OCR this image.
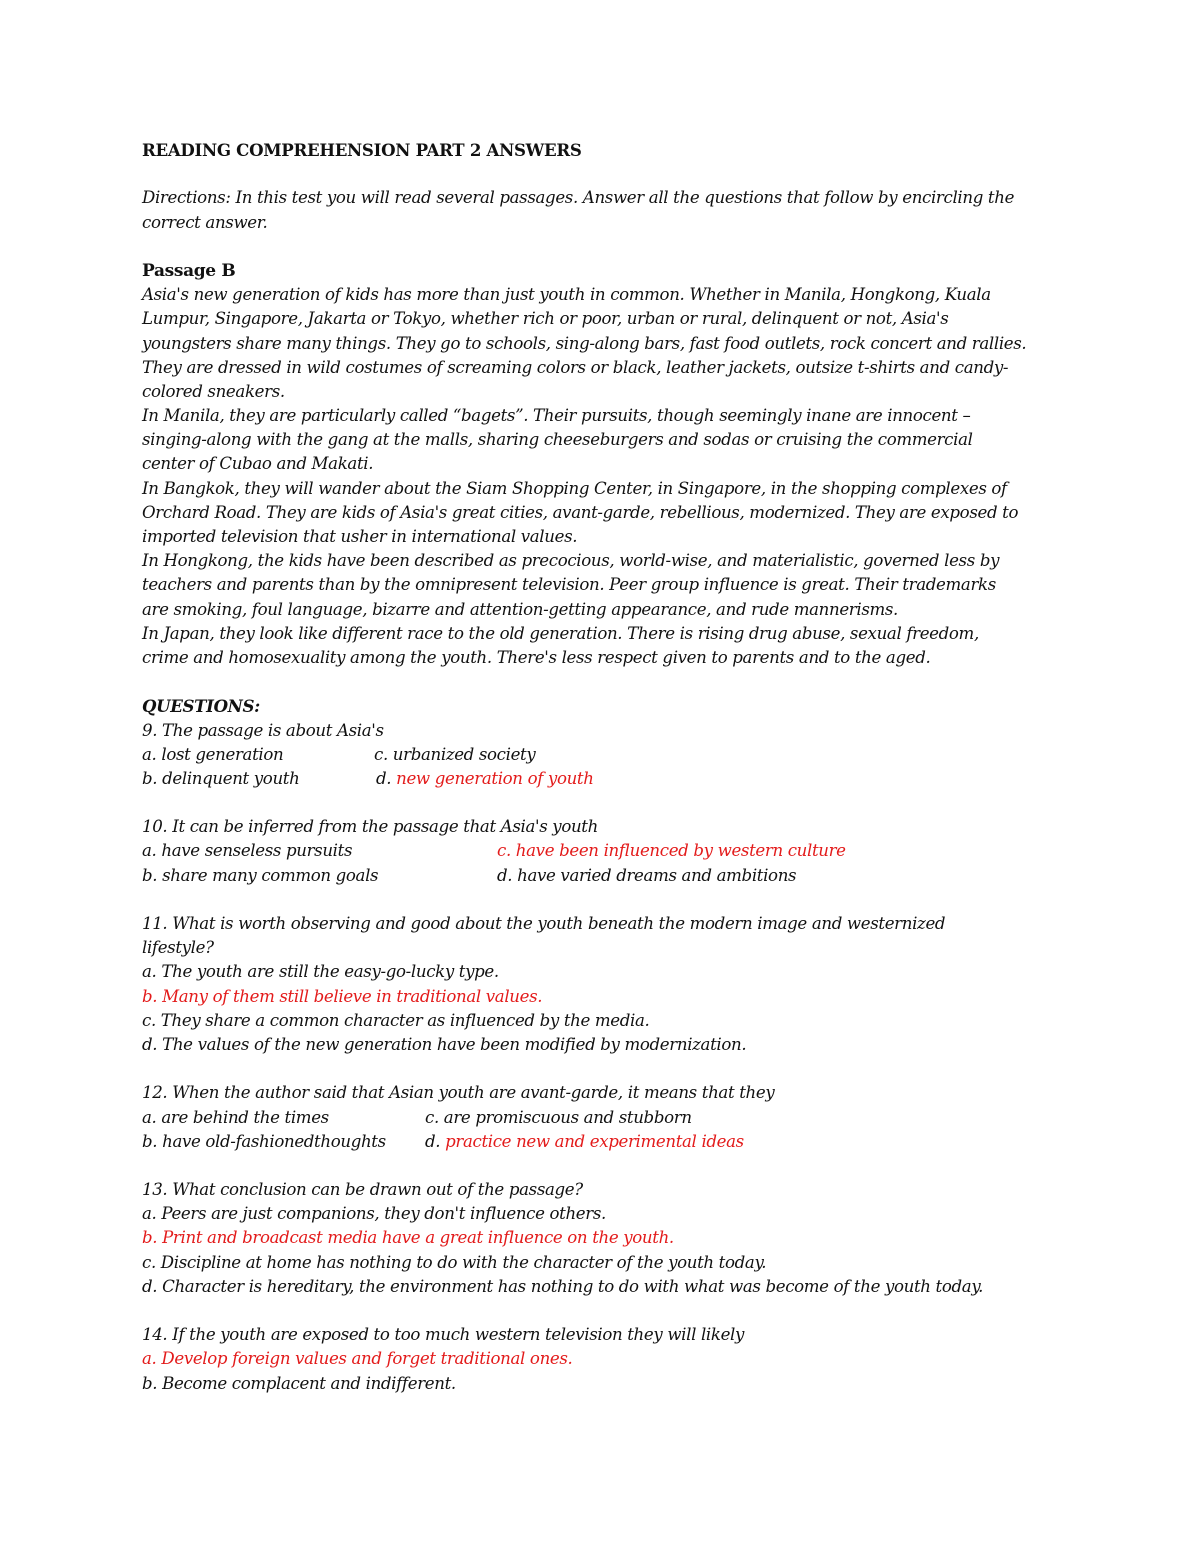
READING COMPREHENSION PART 2 ANSWERS
Directions: In this test you will read several passages. Answer all the questions that follow by encircling the
correct answer.
Passage B
Asia's new generation of kids has more than just youth in common. Whether in Manila, Hongkong, Kuala
Lumpur, Singapore, Jakarta or Tokyo, whether rich or poor, urban or rural, delinquent or not, Asia's
youngsters share many things. They go to schools, sing-along bars, fast food outlets, rock concert and rallies.
They are dressed in wild costumes of screaming colors or black, leather jackets, outsize t-shirts and candy-
colored sneakers.
In Manila, they are particularly called “bagets”. Their pursuits, though seemingly inane are innocent –
singing-along with the gang at the malls, sharing cheeseburgers and sodas or cruising the commercial
center of Cubao and Makati.
In Bangkok, they will wander about the Siam Shopping Center, in Singapore, in the shopping complexes of
Orchard Road. They are kids of Asia's great cities, avant-garde, rebellious, modernized. They are exposed to
imported television that usher in international values.
In Hongkong, the kids have been described as precocious, world-wise, and materialistic, governed less by
teachers and parents than by the omnipresent television. Peer group influence is great. Their trademarks
are smoking, foul language, bizarre and attention-getting appearance, and rude mannerisms.
In Japan, they look like different race to the old generation. There is rising drug abuse, sexual freedom,
crime and homosexuality among the youth. There's less respect given to parents and to the aged.
QUESTIONS:
9. The passage is about Asia's
a. lost generation	c. urbanized society
b. delinquent youth	d. new generation of youth
10. It can be inferred from the passage that Asia's youth
a. have senseless pursuits	c. have been influenced by western culture
b. share many common goals	d. have varied dreams and ambitions
11. What is worth observing and good about the youth beneath the modern image and westernized
lifestyle?
a. The youth are still the easy-go-lucky type.
b. Many of them still believe in traditional values.
c. They share a common character as influenced by the media.
d. The values of the new generation have been modified by modernization.
12. When the author said that Asian youth are avant-garde, it means that they
a. are behind the times	c. are promiscuous and stubborn
b. have old-fashionedthoughts	d. practice new and experimental ideas
13. What conclusion can be drawn out of the passage?
a. Peers are just companions, they don't influence others.
b. Print and broadcast media have a great influence on the youth.
c. Discipline at home has nothing to do with the character of the youth today.
d. Character is hereditary, the environment has nothing to do with what was become of the youth today.
14. If the youth are exposed to too much western television they will likely
a. Develop foreign values and forget traditional ones.
b. Become complacent and indifferent.
